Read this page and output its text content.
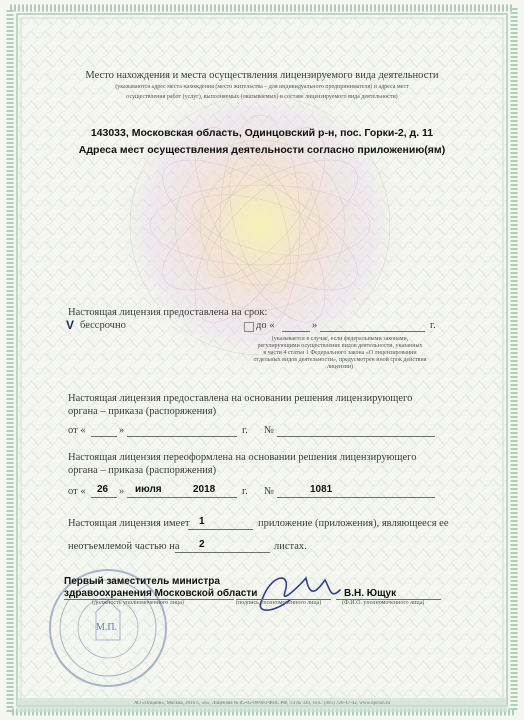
Место нахождения и места осуществления лицензируемого вида деятельности
(указываются адрес места нахождения (место жительства – для индивидуального предпринимателя) и адреса мест
осуществления работ (услуг), выполняемых (оказываемых) в составе лицензируемого вида деятельности)
143033, Московская область, Одинцовский р-н, пос. Горки-2, д. 11
Адреса мест осуществления деятельности согласно приложению(ям)
Настоящая лицензия предоставлена на срок:
V бессрочно	до «	»	г.
(указывается в случае, если федеральными законами,
регулирующими осуществление видов деятельности, указанных
в части 4 статьи 1 Федерального закона «О лицензировании
отдельных видов деятельности», предусмотрен иной срок действия
лицензии)
Настоящая лицензия предоставлена на основании решения лицензирующего
органа – приказа (распоряжения)
от «	»	г. №
Настоящая лицензия переоформлена на основании решения лицензирующего
органа – приказа (распоряжения)
от « 26 » июля	2018	г. №	1081
Настоящая лицензия имеет 1	приложение (приложения), являющееся ее
неотъемлемой частью на 2	листах.
Первый заместитель министра
здравоохранения Московской области
(должность уполномоченного лица)	(подпись уполномоченного лица)
В.Н. Ющук
(Ф.И.О. уполномоченного лица)
М.П.
АО «Опцион», Москва, 2016 г., «Б», Лицензия № 05-05-09/003 ФНС РФ, ТЗ № 320, Тел.: (495) 726-47-42, www.opcion.ru
